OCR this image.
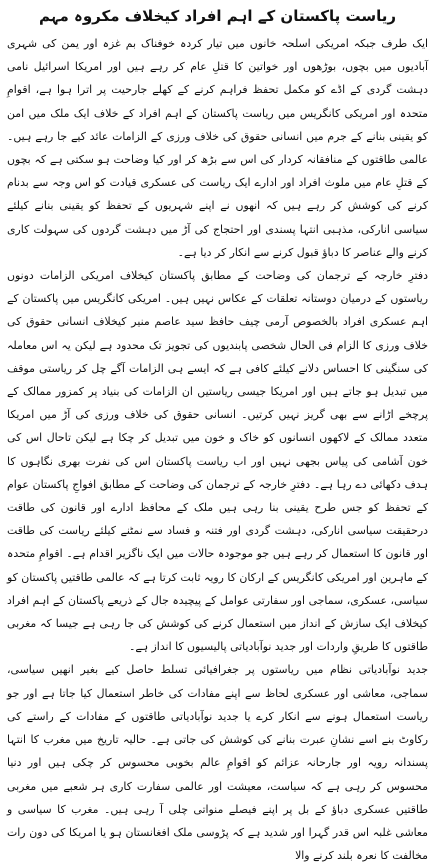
ریاست پاکستان کے اہم افراد کیخلاف مکروہ مہم

ایک طرف جبکہ امریکی اسلحہ خانوں میں تیار کردہ خوفناک بم غزہ اور یمن کی شہری آبادیوں میں بچوں، بوڑھوں اور خواتین کا قتلِ عام کر رہے ہیں اور امریکا اسرائیل نامی دہشت گردی کے اڈے کو مکمل تحفظ فراہم کرنے کے کھلے جارحیت پر اترا ہوا ہے، اقوامِ متحدہ اور امریکی کانگریس میں ریاست پاکستان کے اہم افراد کے خلاف ایک ملک میں امن کو یقینی بنانے کے جرم میں انسانی حقوق کی خلاف ورزی کے الزامات عائد کیے جا رہے ہیں۔ عالمی طاقتوں کے منافقانہ کردار کی اس سے بڑھ کر اور کیا وضاحت ہو سکتی ہے کہ بچوں کے قتلِ عام میں ملوث افراد اور ادارے ایک ریاست کی عسکری قیادت کو اس وجہ سے بدنام کرنے کی کوشش کر رہے ہیں کہ انھوں نے اپنے شہریوں کے تحفظ کو یقینی بنانے کیلئے سیاسی انارکی، مذہبی انتہا پسندی اور احتجاج کی آڑ میں دہشت گردوں کی سہولت کاری کرنے والے عناصر کا دباؤ قبول کرنے سے انکار کر دیا ہے۔

دفترِ خارجہ کے ترجمان کی وضاحت کے مطابق پاکستان کیخلاف امریکی الزامات دونوں ریاستوں کے درمیان دوستانہ تعلقات کے عکاس نہیں ہیں۔ امریکی کانگریس میں پاکستان کے اہم عسکری افراد بالخصوص آرمی چیف حافظ سید عاصم منیر کیخلاف انسانی حقوق کی خلاف ورزی کا الزام فی الحال شخصی پابندیوں کی تجویز تک محدود ہے لیکن یہ اس معاملہ کی سنگینی کا احساس دلانے کیلئے کافی ہے کہ ایسے ہی الزامات آگے چل کر ریاستی موقف میں تبدیل ہو جاتے ہیں اور امریکا جیسی ریاستیں ان الزامات کی بنیاد پر کمزور ممالک کے پرچخے اڑانے سے بھی گریز نہیں کرتیں۔ انسانی حقوق کی خلاف ورزی کی آڑ میں امریکا متعدد ممالک کے لاکھوں انسانوں کو خاک و خون میں تبدیل کر چکا ہے لیکن تاحال اس کی خون آشامی کی پیاس بجھی نہیں اور اب ریاست پاکستان اس کی نفرت بھری نگاہوں کا ہدف دکھائی دے رہا ہے۔ دفترِ خارجہ کے ترجمان کی وضاحت کے مطابق افواجِ پاکستان عوام کے تحفظ کو جس طرح یقینی بنا رہی ہیں ملک کے محافظ ادارے اور قانون کی طاقت درحقیقت سیاسی انارکی، دہشت گردی اور فتنہ و فساد سے نمٹنے کیلئے ریاست کی طاقت اور قانون کا استعمال کر رہے ہیں جو موجودہ حالات میں ایک ناگزیر اقدام ہے۔ اقوامِ متحدہ کے ماہرین اور امریکی کانگریس کے ارکان کا رویہ ثابت کرتا ہے کہ عالمی طاقتیں پاکستان کو سیاسی، عسکری، سماجی اور سفارتی عوامل کے پیچیدہ جال کے ذریعے پاکستان کے اہم افراد کیخلاف ایک سازش کے انداز میں استعمال کرنے کی کوشش کی جا رہی ہے جیسا کہ مغربی طاقتوں کا طریقِ واردات اور جدید نوآبادیاتی پالیسیوں کا انداز ہے۔

جدید نوآبادیاتی نظام میں ریاستوں پر جغرافیائی تسلط حاصل کیے بغیر انھیں سیاسی، سماجی، معاشی اور عسکری لحاظ سے اپنے مفادات کی خاطر استعمال کیا جاتا ہے اور جو ریاست استعمال ہونے سے انکار کرے یا جدید نوآبادیاتی طاقتوں کے مفادات کے راستے کی رکاوٹ بنے اسے نشانِ عبرت بنانے کی کوشش کی جاتی ہے۔ حالیہ تاریخ میں مغرب کا انتہا پسندانہ رویہ اور جارحانہ عزائم کو اقوامِ عالم بخوبی محسوس کر چکی ہیں اور دنیا محسوس کر رہی ہے کہ سیاست، معیشت اور عالمی سفارت کاری ہر شعبے میں مغربی طاقتیں عسکری دباؤ کے بل پر اپنے فیصلے منواتی چلی آ رہی ہیں۔ مغرب کا سیاسی و معاشی غلبہ اس قدر گہرا اور شدید ہے کہ پڑوسی ملک افغانستان ہو یا امریکا کی دون رات مخالفت کا نعرہ بلند کرنے والا
